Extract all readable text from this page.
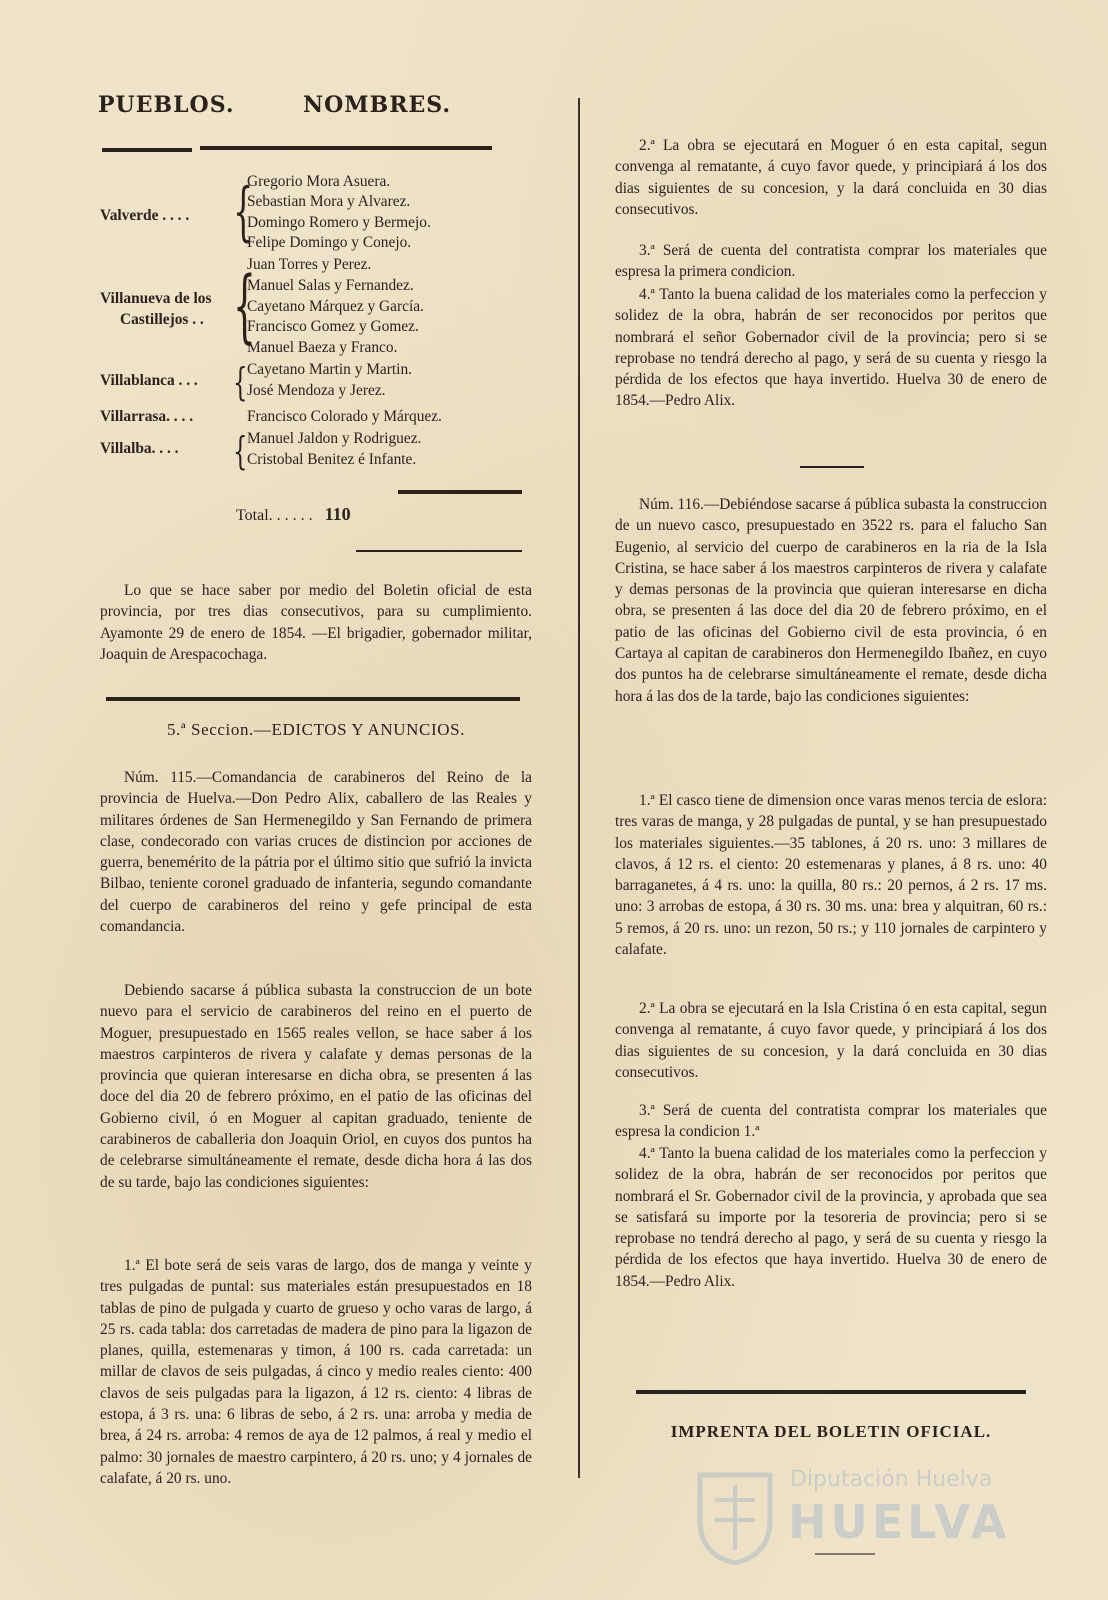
PUEBLOS.	NOMBRES.
Valverde . . . . {
Gregorio Mora Asuera.
Sebastian Mora y Alvarez.
Domingo Romero y Bermejo.
Felipe Domingo y Conejo.
Villanueva de los
Castillejos . . {
Juan Torres y Perez.
Manuel Salas y Fernandez.
Cayetano Márquez y García.
Francisco Gomez y Gomez.
Manuel Baeza y Franco.
Villablanca . . . { Cayetano Martin y Martin.
José Mendoza y Jerez.
Villarrasa. . . .	Francisco Colorado y Márquez.
Villalba. . . . { Manuel Jaldon y Rodriguez.
Cristobal Benitez é Infante.
Total. . . . . . 110

Lo que se hace saber por medio del Boletin oficial de esta provincia, por tres dias consecutivos, para su cumplimiento. Ayamonte 29 de enero de 1854. —El brigadier, gobernador militar, Joaquin de Arespacochaga.

5.ª Seccion.—EDICTOS Y ANUNCIOS.

Núm. 115.—Comandancia de carabineros del Reino de la provincia de Huelva.—Don Pedro Alix, caballero de las Reales y militares órdenes de San Hermenegildo y San Fernando de primera clase, condecorado con varias cruces de distincion por acciones de guerra, benemérito de la pátria por el último sitio que sufrió la invicta Bilbao, teniente coronel graduado de infanteria, segundo comandante del cuerpo de carabineros del reino y gefe principal de esta comandancia.

Debiendo sacarse á pública subasta la construccion de un bote nuevo para el servicio de carabineros del reino en el puerto de Moguer, presupuestado en 1565 reales vellon, se hace saber á los maestros carpinteros de rivera y calafate y demas personas de la provincia que quieran interesarse en dicha obra, se presenten á las doce del dia 20 de febrero próximo, en el patio de las oficinas del Gobierno civil, ó en Moguer al capitan graduado, teniente de carabineros de caballeria don Joaquin Oriol, en cuyos dos puntos ha de celebrarse simultáneamente el remate, desde dicha hora á las dos de su tarde, bajo las condiciones siguientes:

1.ª El bote será de seis varas de largo, dos de manga y veinte y tres pulgadas de puntal: sus materiales están presupuestados en 18 tablas de pino de pulgada y cuarto de grueso y ocho varas de largo, á 25 rs. cada tabla: dos carretadas de madera de pino para la ligazon de planes, quilla, estemenaras y timon, á 100 rs. cada carretada: un millar de clavos de seis pulgadas, á cinco y medio reales ciento: 400 clavos de seis pulgadas para la ligazon, á 12 rs. ciento: 4 libras de estopa, á 3 rs. una: 6 libras de sebo, á 2 rs. una: arroba y media de brea, á 24 rs. arroba: 4 remos de aya de 12 palmos, á real y medio el palmo: 30 jornales de maestro carpintero, á 20 rs. uno; y 4 jornales de calafate, á 20 rs. uno.

2.ª La obra se ejecutará en Moguer ó en esta capital, segun convenga al rematante, á cuyo favor quede, y principiará á los dos dias siguientes de su concesion, y la dará concluida en 30 dias consecutivos.

3.ª Será de cuenta del contratista comprar los materiales que espresa la primera condicion.

4.ª Tanto la buena calidad de los materiales como la perfeccion y solidez de la obra, habrán de ser reconocidos por peritos que nombrará el señor Gobernador civil de la provincia; pero si se reprobase no tendrá derecho al pago, y será de su cuenta y riesgo la pérdida de los efectos que haya invertido. Huelva 30 de enero de 1854.—Pedro Alix.

Núm. 116.—Debiéndose sacarse á pública subasta la construccion de un nuevo casco, presupuestado en 3522 rs. para el falucho San Eugenio, al servicio del cuerpo de carabineros en la ria de la Isla Cristina, se hace saber á los maestros carpinteros de rivera y calafate y demas personas de la provincia que quieran interesarse en dicha obra, se presenten á las doce del dia 20 de febrero próximo, en el patio de las oficinas del Gobierno civil de esta provincia, ó en Cartaya al capitan de carabineros don Hermenegildo Ibañez, en cuyo dos puntos ha de celebrarse simultáneamente el remate, desde dicha hora á las dos de la tarde, bajo las condiciones siguientes:

1.ª El casco tiene de dimension once varas menos tercia de eslora: tres varas de manga, y 28 pulgadas de puntal, y se han presupuestado los materiales siguientes.—35 tablones, á 20 rs. uno: 3 millares de clavos, á 12 rs. el ciento: 20 estemenaras y planes, á 8 rs. uno: 40 barraganetes, á 4 rs. uno: la quilla, 80 rs.: 20 pernos, á 2 rs. 17 ms. uno: 3 arrobas de estopa, á 30 rs. 30 ms. una: brea y alquitran, 60 rs.: 5 remos, á 20 rs. uno: un rezon, 50 rs.; y 110 jornales de carpintero y calafate.

2.ª La obra se ejecutará en la Isla Cristina ó en esta capital, segun convenga al rematante, á cuyo favor quede, y principiará á los dos dias siguientes de su concesion, y la dará concluida en 30 dias consecutivos.

3.ª Será de cuenta del contratista comprar los materiales que espresa la condicion 1.ª

4.ª Tanto la buena calidad de los materiales como la perfeccion y solidez de la obra, habrán de ser reconocidos por peritos que nombrará el Sr. Gobernador civil de la provincia, y aprobada que sea se satisfará su importe por la tesoreria de provincia; pero si se reprobase no tendrá derecho al pago, y será de su cuenta y riesgo la pérdida de los efectos que haya invertido. Huelva 30 de enero de 1854.—Pedro Alix.

IMPRENTA DEL BOLETIN OFICIAL.
Diputación Huelva
HUELVA
